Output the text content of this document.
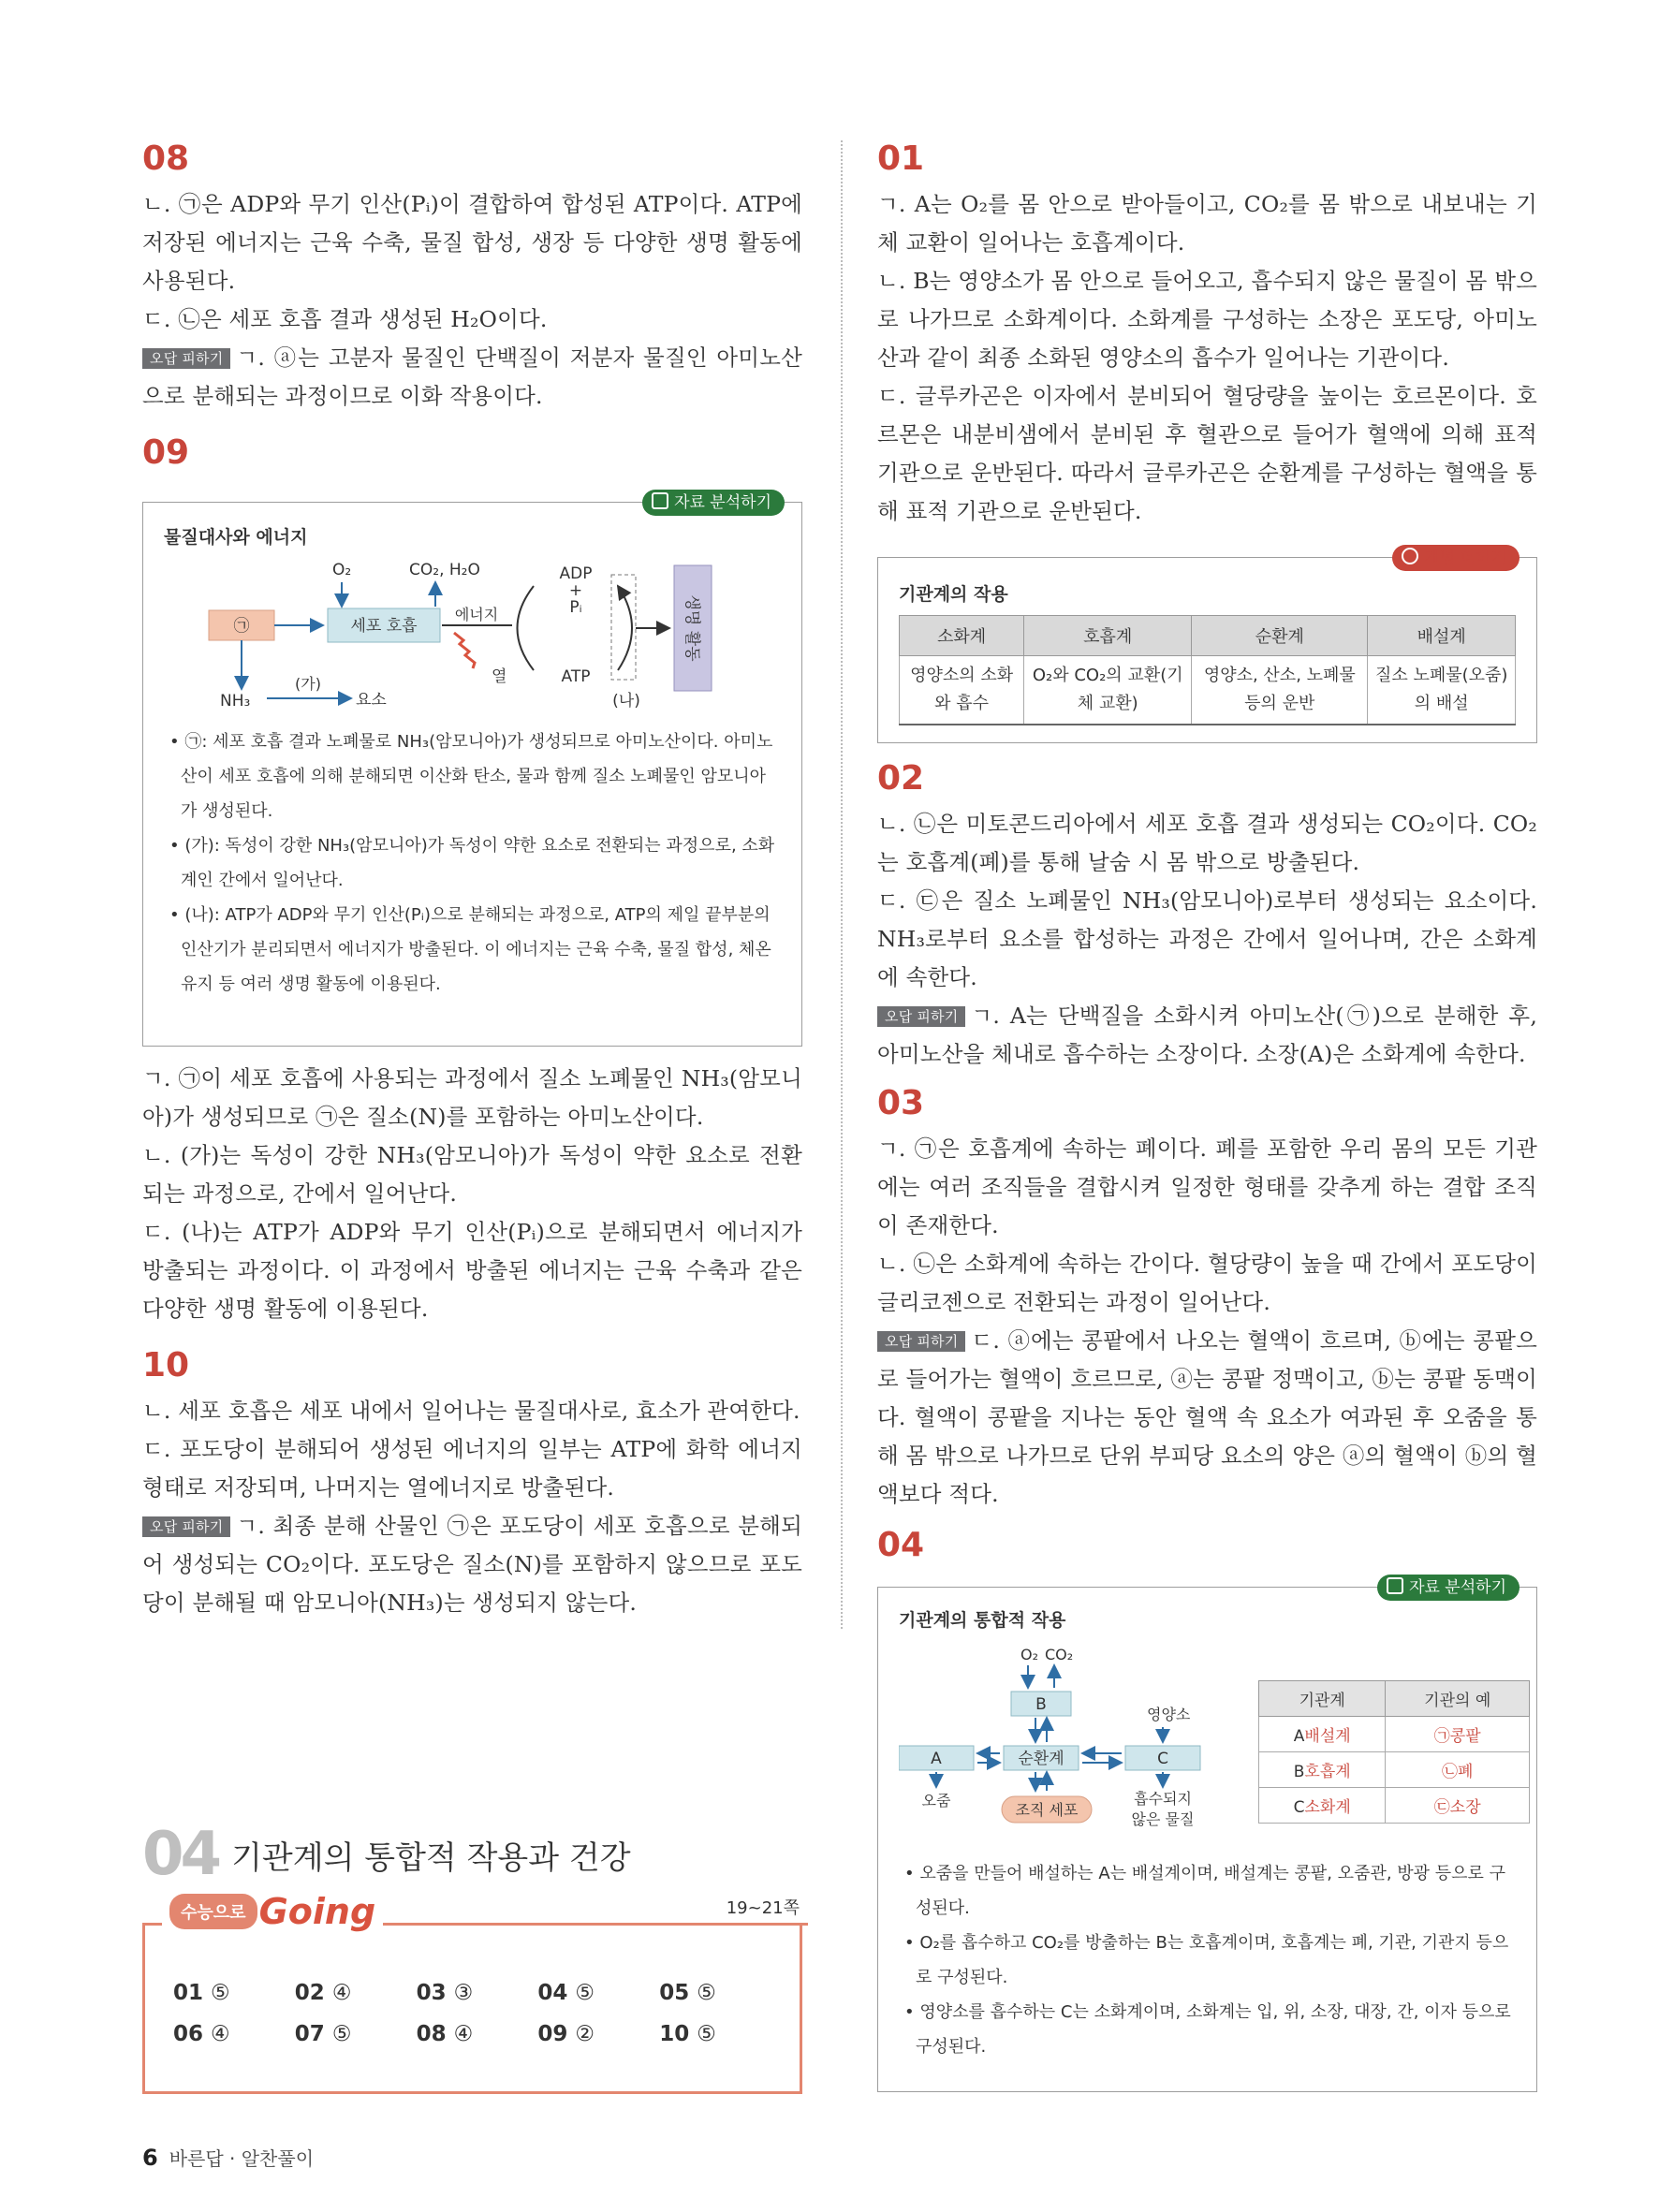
08

ㄴ. ㉠은 ADP와 무기 인산(Pᵢ)이 결합하여 합성된 ATP이다. ATP에 저장된 에너지는 근육 수축, 물질 합성, 생장 등 다양한 생명 활동에 사용된다.

ㄷ. ㉡은 세포 호흡 결과 생성된 H₂O이다.

오답 피하기 ㄱ. ⓐ는 고분자 물질인 단백질이 저분자 물질인 아미노산으로 분해되는 과정이므로 이화 작용이다.

09
자료 분석하기
물질대사와 에너지
O₂	CO₂, H₂O
㉠	세포 호흡
에너지
열
ADP
+
Pᵢ
ATP
(나)
생명 활동
NH₃
(가)
요소

• ㉠: 세포 호흡 결과 노폐물로 NH₃(암모니아)가 생성되므로 아미노산이다. 아미노산이 세포 호흡에 의해 분해되면 이산화 탄소, 물과 함께 질소 노폐물인 암모니아가 생성된다.

• (가): 독성이 강한 NH₃(암모니아)가 독성이 약한 요소로 전환되는 과정으로, 소화계인 간에서 일어난다.

• (나): ATP가 ADP와 무기 인산(Pᵢ)으로 분해되는 과정으로, ATP의 제일 끝부분의 인산기가 분리되면서 에너지가 방출된다. 이 에너지는 근육 수축, 물질 합성, 체온 유지 등 여러 생명 활동에 이용된다.

ㄱ. ㉠이 세포 호흡에 사용되는 과정에서 질소 노폐물인 NH₃(암모니아)가 생성되므로 ㉠은 질소(N)를 포함하는 아미노산이다.

ㄴ. (가)는 독성이 강한 NH₃(암모니아)가 독성이 약한 요소로 전환되는 과정으로, 간에서 일어난다.

ㄷ. (나)는 ATP가 ADP와 무기 인산(Pᵢ)으로 분해되면서 에너지가 방출되는 과정이다. 이 과정에서 방출된 에너지는 근육 수축과 같은 다양한 생명 활동에 이용된다.

10

ㄴ. 세포 호흡은 세포 내에서 일어나는 물질대사로, 효소가 관여한다.

ㄷ. 포도당이 분해되어 생성된 에너지의 일부는 ATP에 화학 에너지 형태로 저장되며, 나머지는 열에너지로 방출된다.

오답 피하기 ㄱ. 최종 분해 산물인 ㉠은 포도당이 세포 호흡으로 분해되어 생성되는 CO₂이다. 포도당은 질소(N)를 포함하지 않으므로 포도당이 분해될 때 암모니아(NH₃)는 생성되지 않는다.

04 기관계의 통합적 작용과 건강
수능으로 Going	19~21쪽
01 ⑤	02 ④	03 ③	04 ⑤	05 ⑤
06 ④	07 ⑤	08 ④	09 ②	10 ⑤
01

ㄱ. A는 O₂를 몸 안으로 받아들이고, CO₂를 몸 밖으로 내보내는 기체 교환이 일어나는 호흡계이다.

ㄴ. B는 영양소가 몸 안으로 들어오고, 흡수되지 않은 물질이 몸 밖으로 나가므로 소화계이다. 소화계를 구성하는 소장은 포도당, 아미노산과 같이 최종 소화된 영양소의 흡수가 일어나는 기관이다.

ㄷ. 글루카곤은 이자에서 분비되어 혈당량을 높이는 호르몬이다. 호르몬은 내분비샘에서 분비된 후 혈관으로 들어가 혈액에 의해 표적 기관으로 운반된다. 따라서 글루카곤은 순환계를 구성하는 혈액을 통해 표적 기관으로 운반된다.

개념 더하기
기관계의 작용
소화계	호흡계	순환계	배설계
영양소의 소화와 흡수	O₂와 CO₂의 교환(기체 교환)	영양소, 산소, 노폐물 등의 운반	질소 노폐물(오줌)의 배설
02

ㄴ. ㉡은 미토콘드리아에서 세포 호흡 결과 생성되는 CO₂이다. CO₂는 호흡계(폐)를 통해 날숨 시 몸 밖으로 방출된다.

ㄷ. ㉢은 질소 노폐물인 NH₃(암모니아)로부터 생성되는 요소이다. NH₃로부터 요소를 합성하는 과정은 간에서 일어나며, 간은 소화계에 속한다.

오답 피하기 ㄱ. A는 단백질을 소화시켜 아미노산(㉠)으로 분해한 후, 아미노산을 체내로 흡수하는 소장이다. 소장(A)은 소화계에 속한다.

03

ㄱ. ㉠은 호흡계에 속하는 폐이다. 폐를 포함한 우리 몸의 모든 기관에는 여러 조직들을 결합시켜 일정한 형태를 갖추게 하는 결합 조직이 존재한다.

ㄴ. ㉡은 소화계에 속하는 간이다. 혈당량이 높을 때 간에서 포도당이 글리코젠으로 전환되는 과정이 일어난다.

오답 피하기 ㄷ. ⓐ에는 콩팥에서 나오는 혈액이 흐르며, ⓑ에는 콩팥으로 들어가는 혈액이 흐르므로, ⓐ는 콩팥 정맥이고, ⓑ는 콩팥 동맥이다. 혈액이 콩팥을 지나는 동안 혈액 속 요소가 여과된 후 오줌을 통해 몸 밖으로 나가므로 단위 부피당 요소의 양은 ⓐ의 혈액이 ⓑ의 혈액보다 적다.

04
자료 분석하기
기관계의 통합적 작용
O₂ CO₂
B
A	순환계	C
영양소
오줌
조직 세포
흡수되지
않은 물질
기관계	기관의 예
A배설계	㉠콩팥
B호흡계	㉡폐
C소화계	㉢소장

• 오줌을 만들어 배설하는 A는 배설계이며, 배설계는 콩팥, 오줌관, 방광 등으로 구성된다.

• O₂를 흡수하고 CO₂를 방출하는 B는 호흡계이며, 호흡계는 폐, 기관, 기관지 등으로 구성된다.

• 영양소를 흡수하는 C는 소화계이며, 소화계는 입, 위, 소장, 대장, 간, 이자 등으로 구성된다.

6 바른답 · 알찬풀이
